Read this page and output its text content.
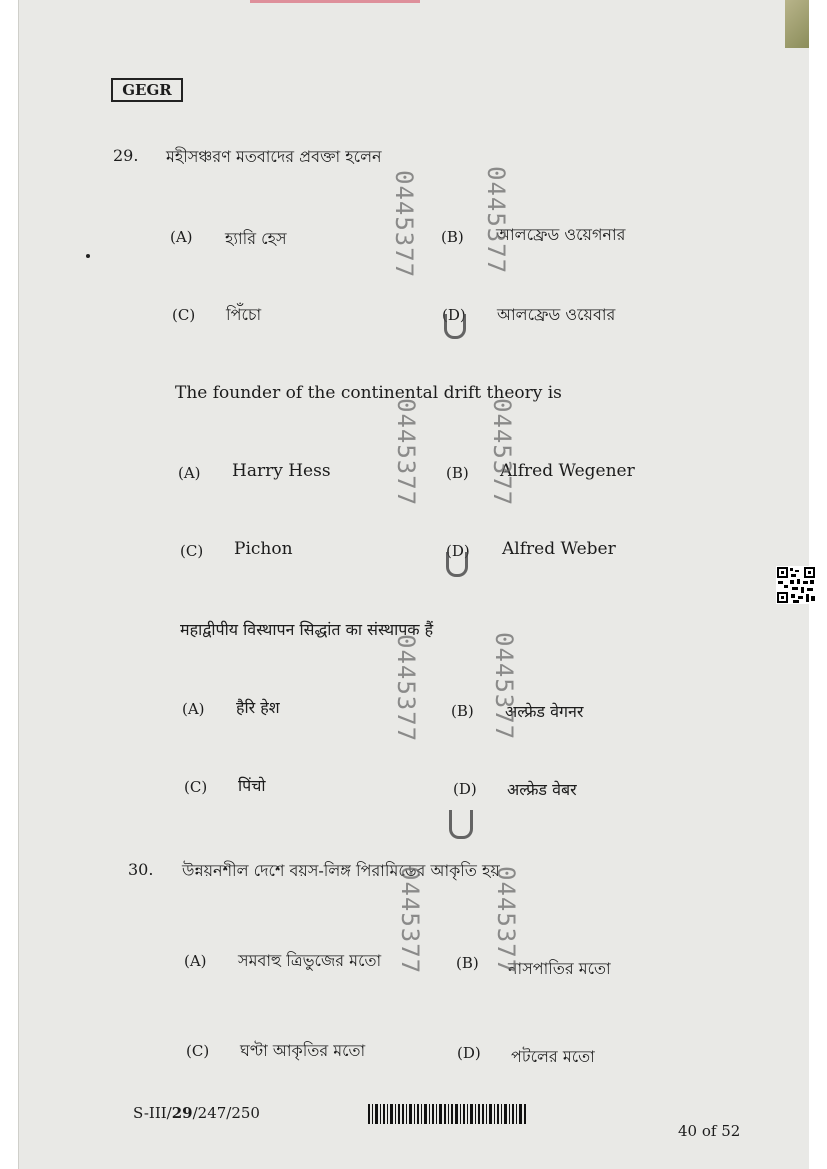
GEGR
29. মহীসঞ্চরণ মতবাদের প্রবক্তা হলেন
(A) হ্যারি হেস	(B) আলফ্রেড ওয়েগনার
(C) পিঁচো	(D) আলফ্রেড ওয়েবার
The founder of the continental drift theory is
(A) Harry Hess	(B) Alfred Wegener
(C) Pichon	(D) Alfred Weber
महाद्वीपीय विस्थापन सिद्धांत का संस्थापक हैं
(A) हैरि हेश	(B) अल्फ्रेड वेगनर
(C) पिंचो	(D) अल्फ्रेड वेबर
30. উন্নয়নশীল দেশে বয়স-লিঙ্গ পিরামিডের আকৃতি হয়
(A) সমবাহু ত্রিভুজের মতো	(B) নাসপাতির মতো
(C) ঘণ্টা আকৃতির মতো	(D) পটলের মতো
0445377	0445377
0445377	0445377
0445377	0445377
0445377	0445377
S-III/29/247/250
40 of 52
